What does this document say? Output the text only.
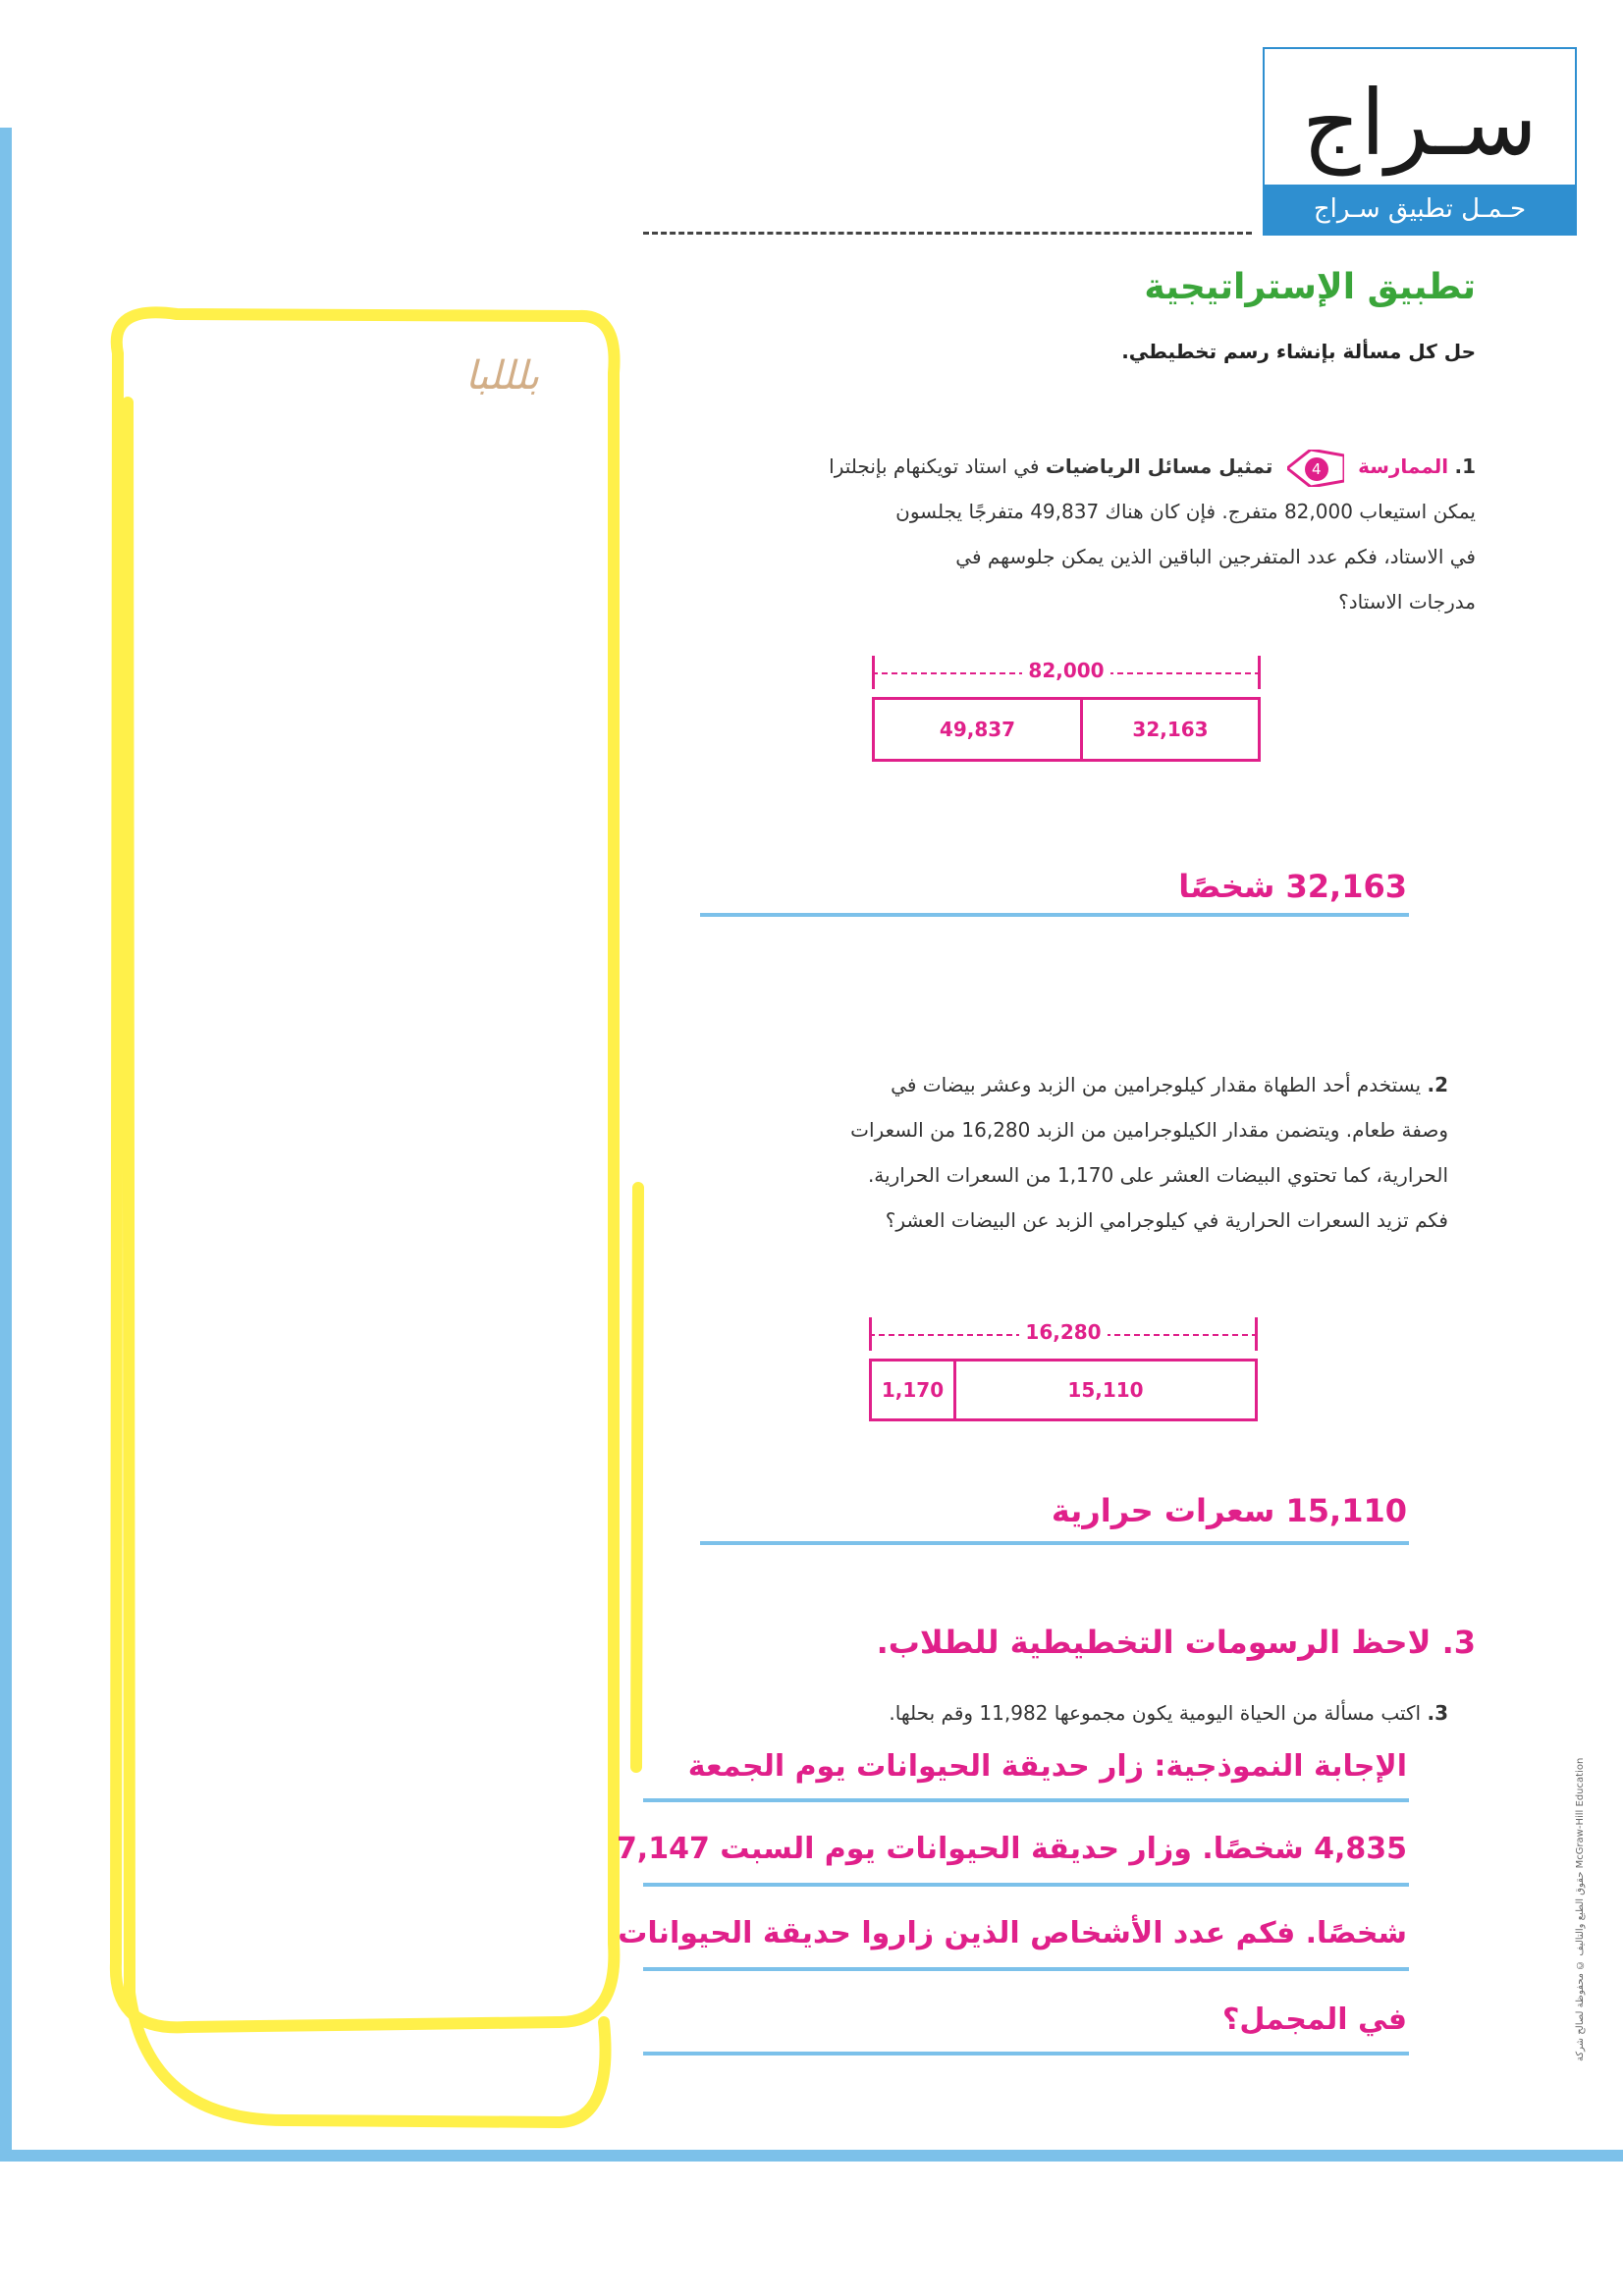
سـراج
حـمـل تطبيق سـراج
تطبيق الإستراتيجية
حل كل مسألة بإنشاء رسم تخطيطي.
بلللبا
1. الممارسة
4
تمثيل مسائل الرياضيات في استاد تويكنهام بإنجلترا
يمكن استيعاب 82,000 متفرج. فإن كان هناك 49,837 متفرجًا يجلسون
في الاستاد، فكم عدد المتفرجين الباقين الذين يمكن جلوسهم في
مدرجات الاستاد؟
82,000
49,837	32,163
32,163 شخصًا
2. يستخدم أحد الطهاة مقدار كيلوجرامين من الزبد وعشر بيضات في
وصفة طعام. ويتضمن مقدار الكيلوجرامين من الزبد 16,280 من السعرات
الحرارية، كما تحتوي البيضات العشر على 1,170 من السعرات الحرارية.
فكم تزيد السعرات الحرارية في كيلوجرامي الزبد عن البيضات العشر؟
16,280
1,170	15,110
15,110 سعرات حرارية
3. لاحظ الرسومات التخطيطية للطلاب.
3. اكتب مسألة من الحياة اليومية يكون مجموعها 11,982 وقم بحلها.
الإجابة النموذجية: زار حديقة الحيوانات يوم الجمعة
4,835 شخصًا. وزار حديقة الحيوانات يوم السبت 7,147
شخصًا. فكم عدد الأشخاص الذين زاروا حديقة الحيوانات
في المجمل؟	حقوق الطبع والتأليف © محفوظة لصالح شركة McGraw-Hill Education
